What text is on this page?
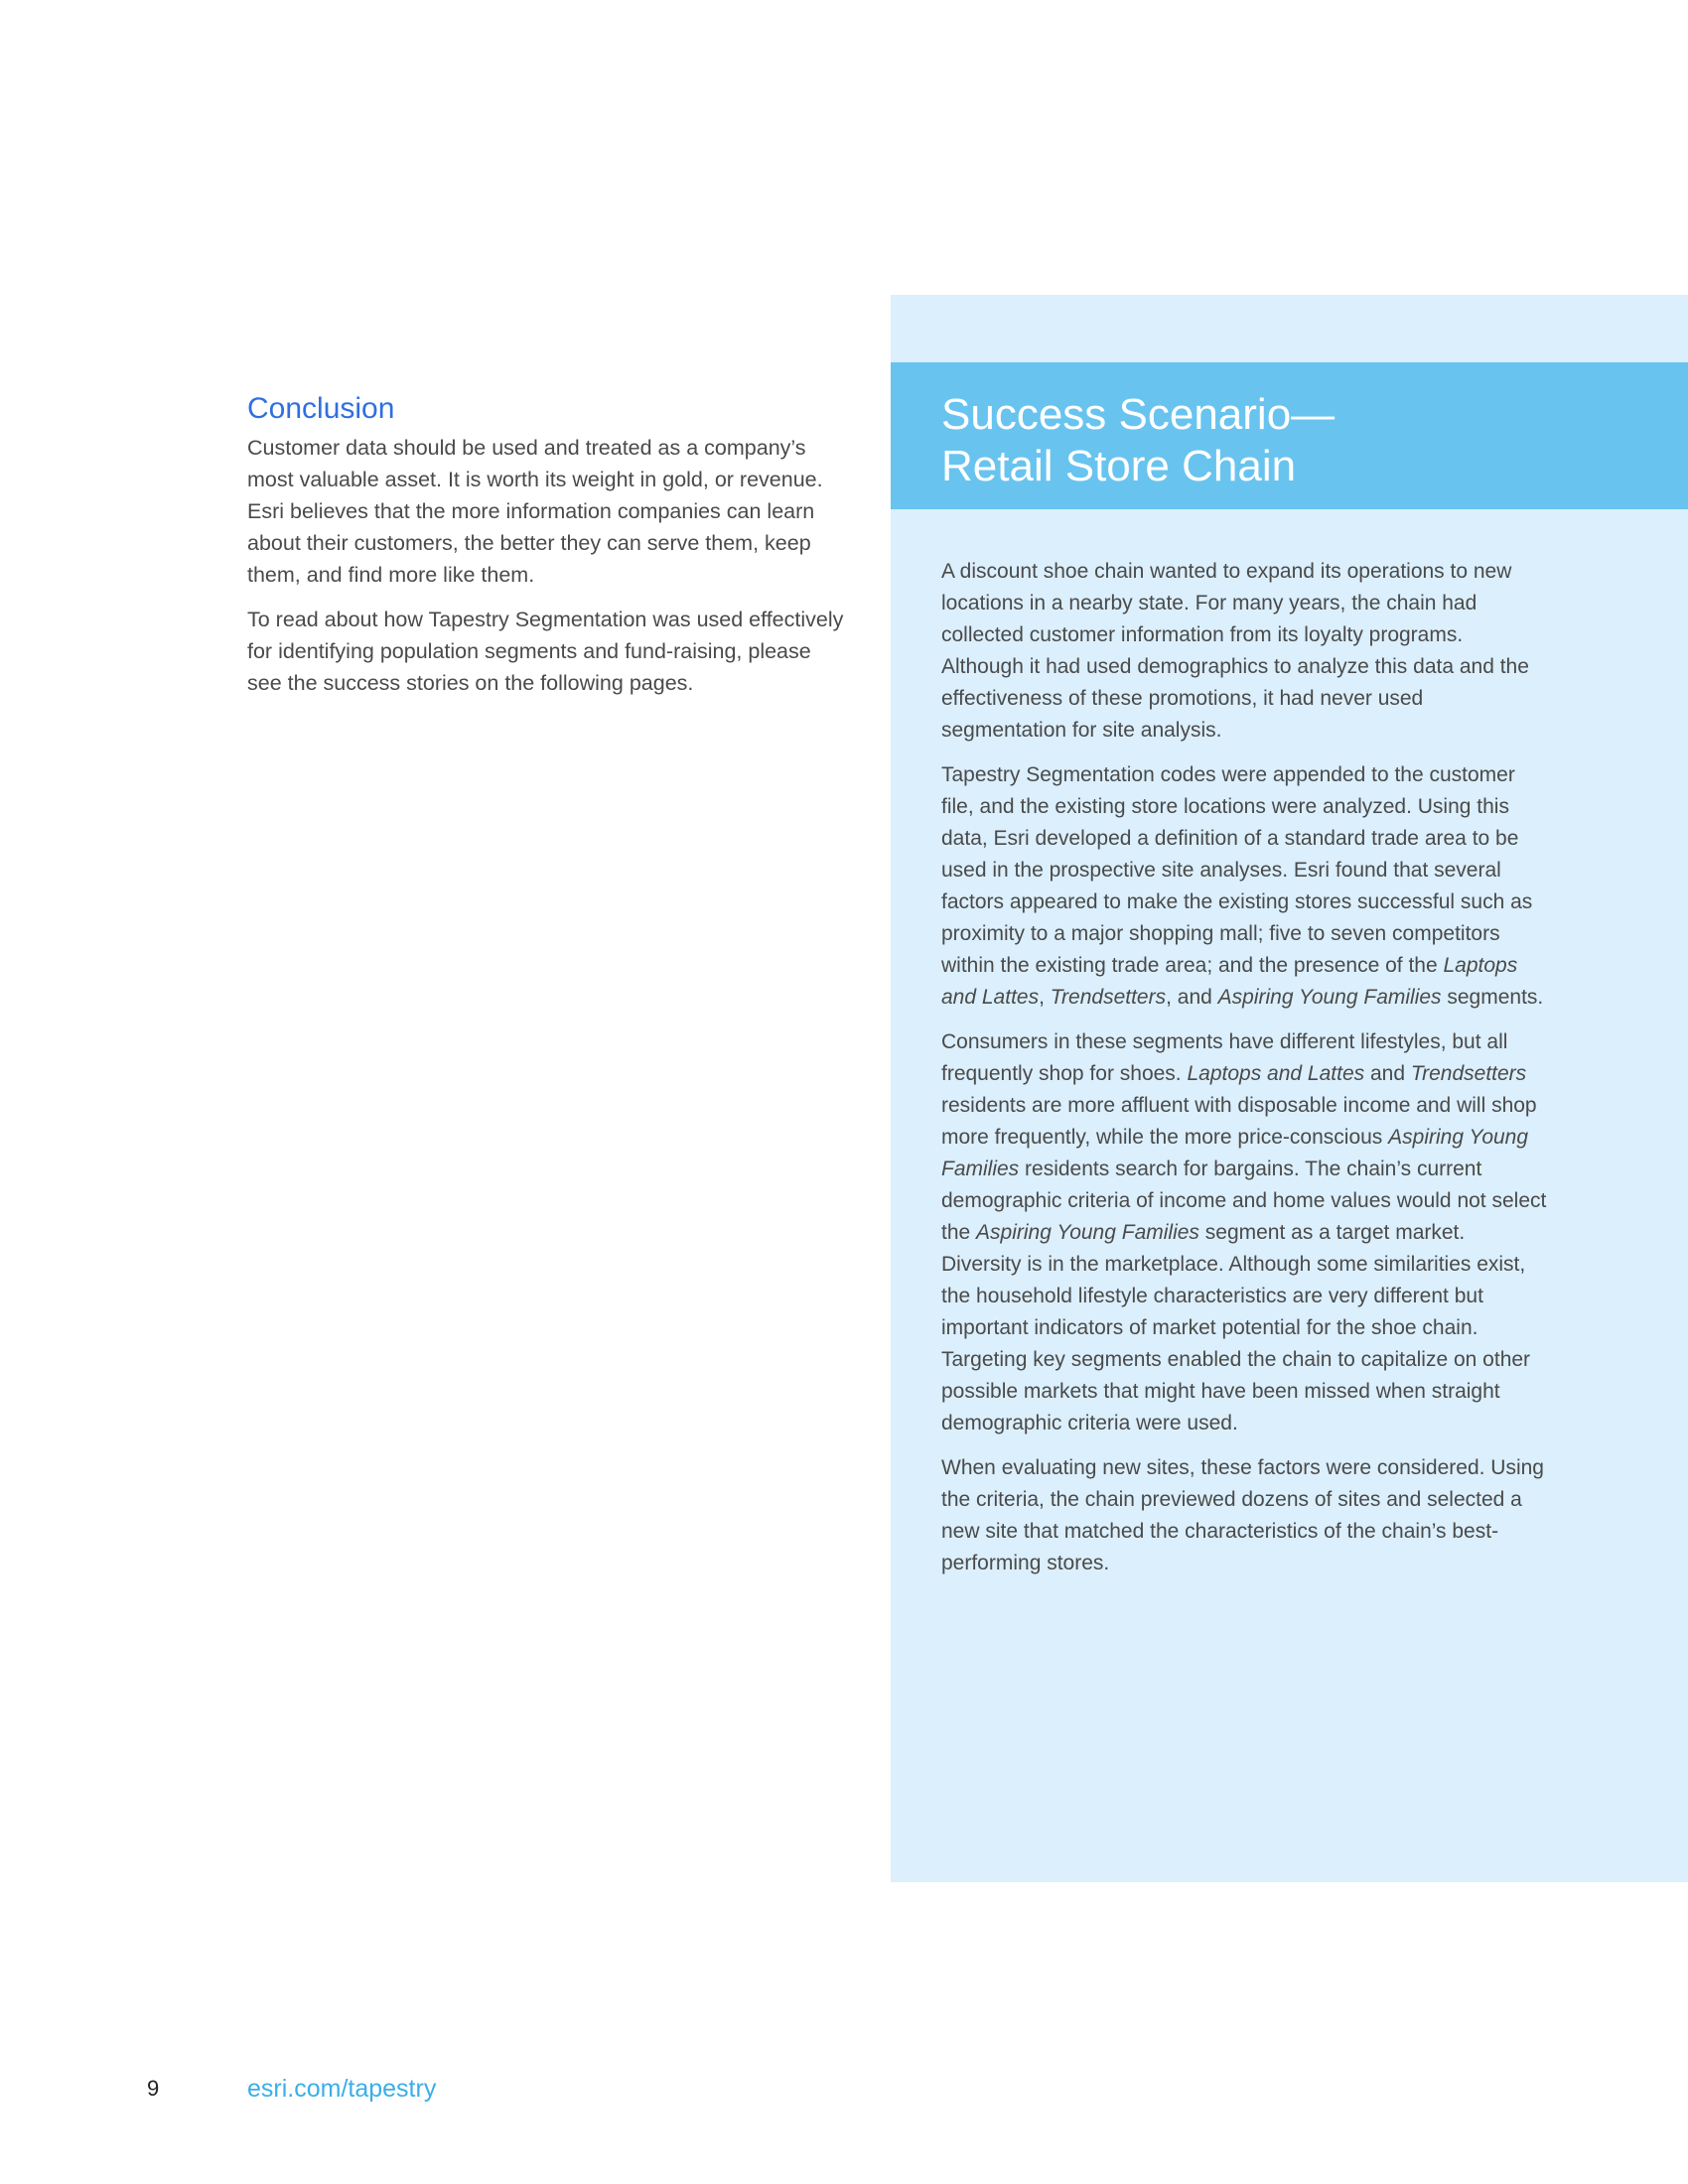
Conclusion

Customer data should be used and treated as a company’s most valuable asset. It is worth its weight in gold, or revenue. Esri believes that the more information companies can learn about their customers, the better they can serve them, keep them, and find more like them.

To read about how Tapestry Segmentation was used effectively for identifying population segments and fund-raising, please see the success stories on the following pages.

Success Scenario—
Retail Store Chain

A discount shoe chain wanted to expand its operations to new locations in a nearby state. For many years, the chain had collected customer information from its loyalty programs. Although it had used demographics to analyze this data and the effectiveness of these promotions, it had never used segmentation for site analysis.

Tapestry Segmentation codes were appended to the customer file, and the existing store locations were analyzed. Using this data, Esri developed a definition of a standard trade area to be used in the prospective site analyses. Esri found that several factors appeared to make the existing stores successful such as proximity to a major shopping mall; five to seven competitors within the existing trade area; and the presence of the Laptops and Lattes, Trendsetters, and Aspiring Young Families segments.

Consumers in these segments have different lifestyles, but all frequently shop for shoes. Laptops and Lattes and Trendsetters residents are more affluent with disposable income and will shop more frequently, while the more price-conscious Aspiring Young Families residents search for bargains. The chain’s current demographic criteria of income and home values would not select the Aspiring Young Families segment as a target market. Diversity is in the marketplace. Although some similarities exist, the household lifestyle characteristics are very different but important indicators of market potential for the shoe chain. Targeting key segments enabled the chain to capitalize on other possible markets that might have been missed when straight demographic criteria were used.

When evaluating new sites, these factors were considered. Using the criteria, the chain previewed dozens of sites and selected a new site that matched the characteristics of the chain’s best-performing stores.

9	esri.com/tapestry
